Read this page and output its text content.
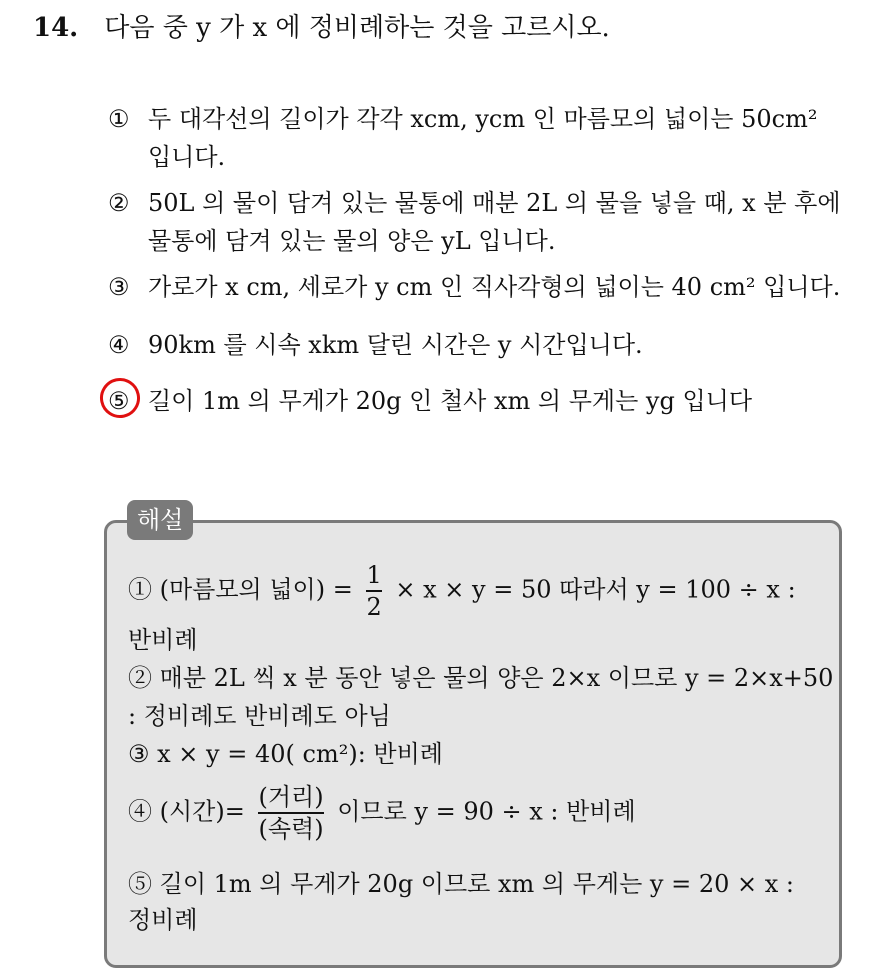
14. 다음 중 y 가 x 에 정비례하는 것을 고르시오.
① 두 대각선의 길이가 각각 xcm, ycm 인 마름모의 넓이는 50cm² 입니다.
② 50L 의 물이 담겨 있는 물통에 매분 2L 의 물을 넣을 때, x 분 후에 물통에 담겨 있는 물의 양은 yL 입니다.
③ 가로가 x cm, 세로가 y cm 인 직사각형의 넓이는 40 cm² 입니다.
④ 90km 를 시속 xkm 달린 시간은 y 시간입니다.
⑤ 길이 1m 의 무게가 20g 인 철사 xm 의 무게는 yg 입니다
해설
① (마름모의 넓이) = $\frac{1}{2} \times x \times y = 50$ 따라서 y = 100 ÷ x :
반비례
② 매분 2L 씩 x 분 동안 넣은 물의 양은 2×x 이므로 y = 2×x+50
: 정비례도 반비례도 아님
③ x × y = 40( cm²): 반비례
④ (시간)= $\frac{\text{(거리)}}{\text{(속력)}}$ 이므로 y = 90 ÷ x : 반비례
⑤ 길이 1m 의 무게가 20g 이므로 xm 의 무게는 y = 20 × x :
정비례
